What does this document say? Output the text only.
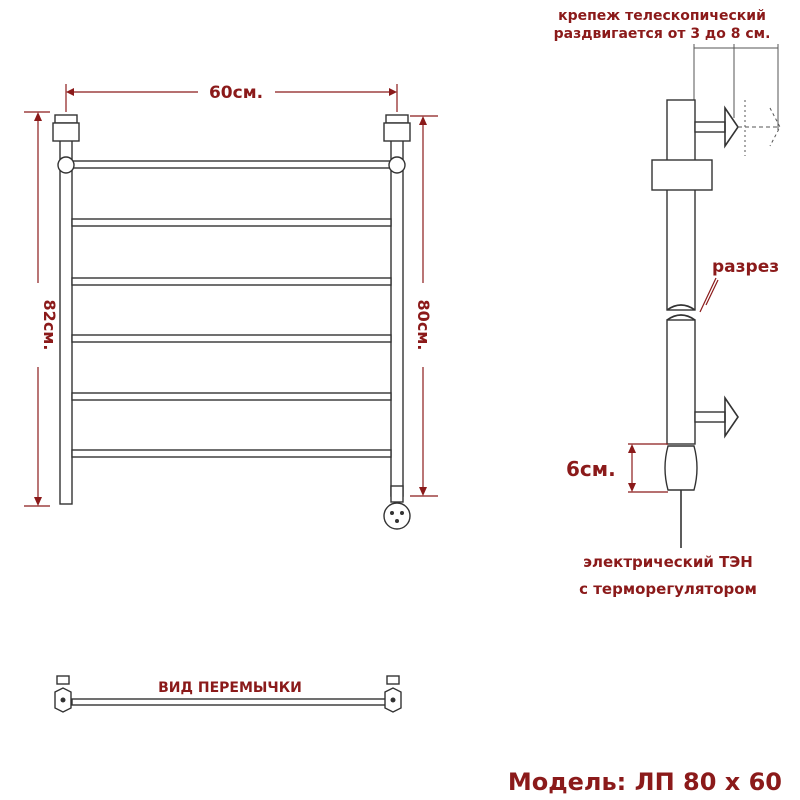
60см.
82см.	80см.
крепеж телескопический
раздвигается от 3 до 8 см.
разрез
6см.
электрический ТЭН
с терморегулятором
ВИД ПЕРЕМЫЧКИ
Модель: ЛП 80 х 60
